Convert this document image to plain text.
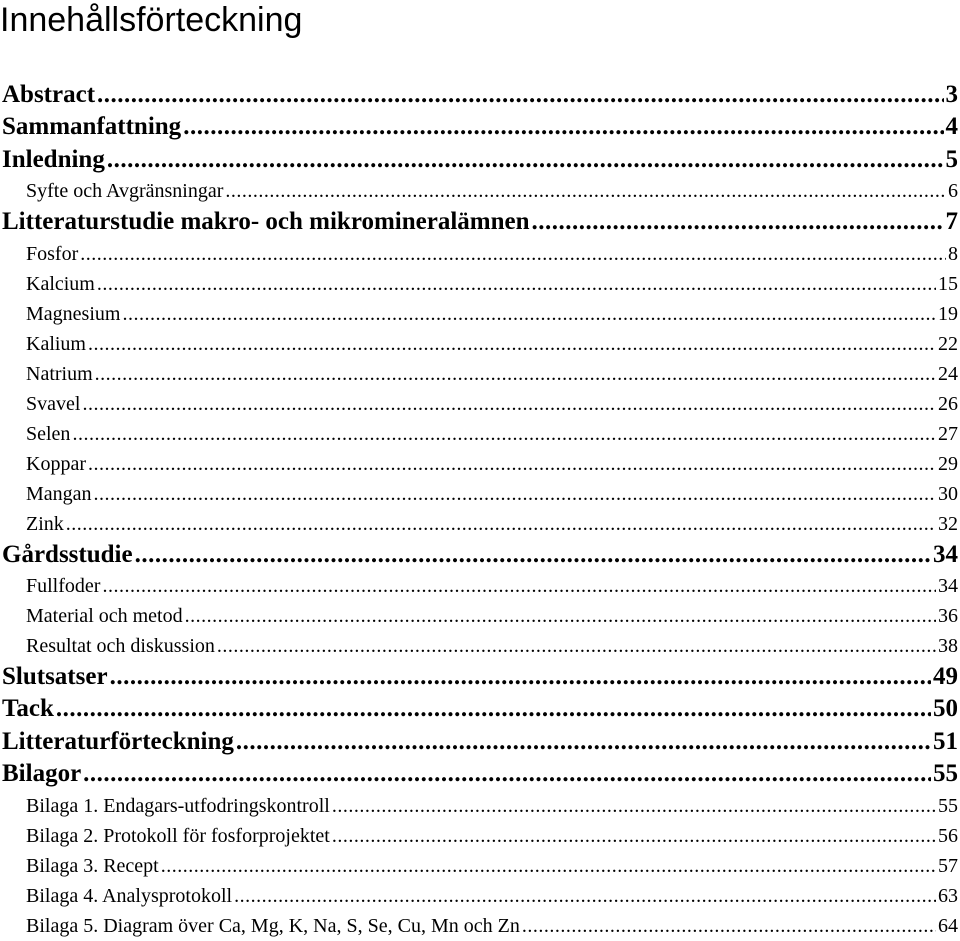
Innehållsförteckning
Abstract .....	3
Sammanfattning .....	4
Inledning .....	5
Syfte och Avgränsningar .....	6
Litteraturstudie makro- och mikromineralämnen .....	7
Fosfor .....	8
Kalcium .....	15
Magnesium .....	19
Kalium .....	22
Natrium .....	24
Svavel .....	26
Selen .....	27
Koppar .....	29
Mangan .....	30
Zink .....	32
Gårdsstudie .....	34
Fullfoder .....	34
Material och metod .....	36
Resultat och diskussion .....	38
Slutsatser .....	49
Tack .....	50
Litteraturförteckning .....	51
Bilagor .....	55
Bilaga 1. Endagars-utfodringskontroll .....	55
Bilaga 2. Protokoll för fosforprojektet .....	56
Bilaga 3. Recept .....	57
Bilaga 4. Analysprotokoll .....	63
Bilaga 5. Diagram över Ca, Mg, K, Na, S, Se, Cu, Mn och Zn .....	64
